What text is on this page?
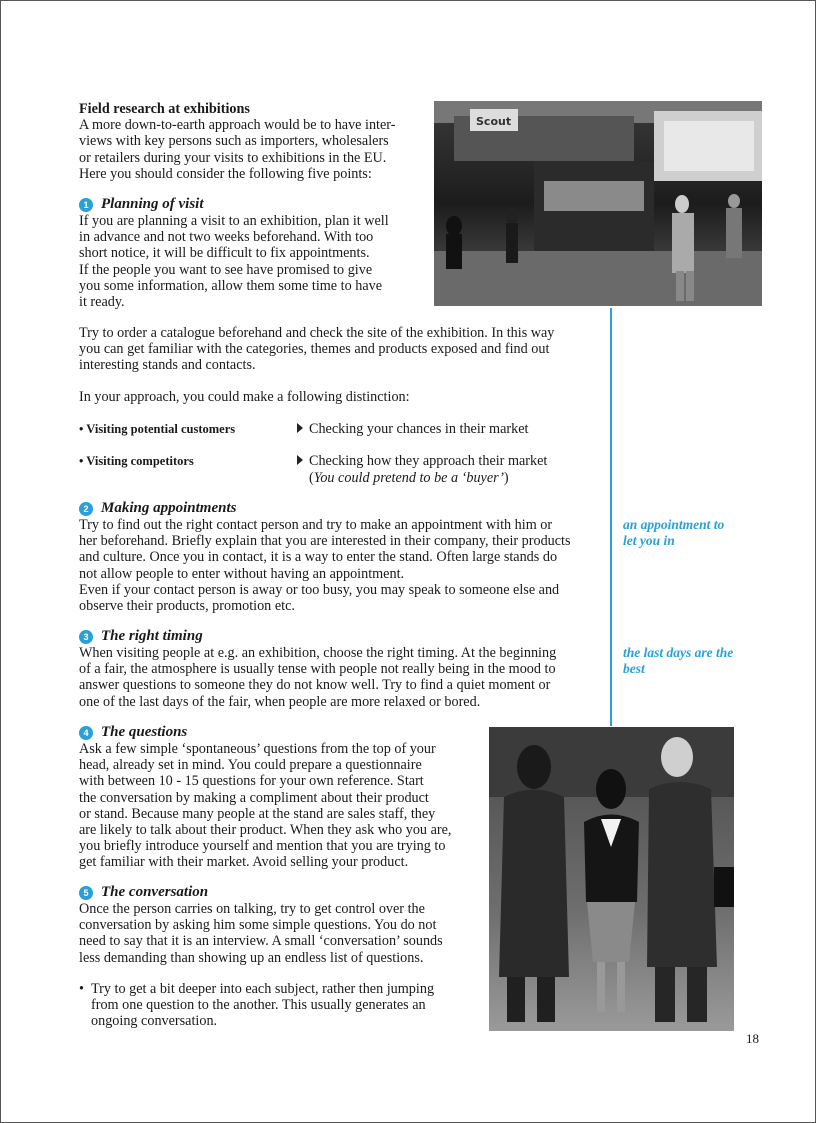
Field research at exhibitions

A more down-to-earth approach would be to have inter-

views with key persons such as importers, wholesalers

or retailers during your visits to exhibitions in the EU.

Here you should consider the following five points:

Scout
1 Planning of visit

If you are planning a visit to an exhibition, plan it well

in advance and not two weeks beforehand. With too

short notice, it will be difficult to fix appointments.

If the people you want to see have promised to give

you some information, allow them some time to have

it ready.

Try to order a catalogue beforehand and check the site of the exhibition. In this way

you can get familiar with the categories, themes and products exposed and find out

interesting stands and contacts.

In your approach, you could make a following distinction:
• Visiting potential customers	Checking your chances in their market
• Visiting competitors	Checking how they approach their market
(You could pretend to be a ‘buyer’)
2 Making appointments

Try to find out the right contact person and try to make an appointment with him or

her beforehand. Briefly explain that you are interested in their company, their products

and culture. Once you in contact, it is a way to enter the stand. Often large stands do

not allow people to enter without having an appointment.

Even if your contact person is away or too busy, you may speak to someone else and

observe their products, promotion etc.

3 The right timing

When visiting people at e.g. an exhibition, choose the right timing. At the beginning

of a fair, the atmosphere is usually tense with people not really being in the mood to

answer questions to someone they do not know well. Try to find a quiet moment or

one of the last days of the fair, when people are more relaxed or bored.

an appointment to
let you in
the last days are the
best
4 The questions

Ask a few simple ‘spontaneous’ questions from the top of your

head, already set in mind. You could prepare a questionnaire

with between 10 - 15 questions for your own reference. Start

the conversation by making a compliment about their product

or stand. Because many people at the stand are sales staff, they

are likely to talk about their product. When they ask who you are,

you briefly introduce yourself and mention that you are trying to

get familiar with their market. Avoid selling your product.

5 The conversation

Once the person carries on talking, try to get control over the

conversation by asking him some simple questions. You do not

need to say that it is an interview. A small ‘conversation’ sounds

less demanding than showing up an endless list of questions.

• Try to get a bit deeper into each subject, rather then jumping

from one question to the another. This usually generates an

ongoing conversation.

18
